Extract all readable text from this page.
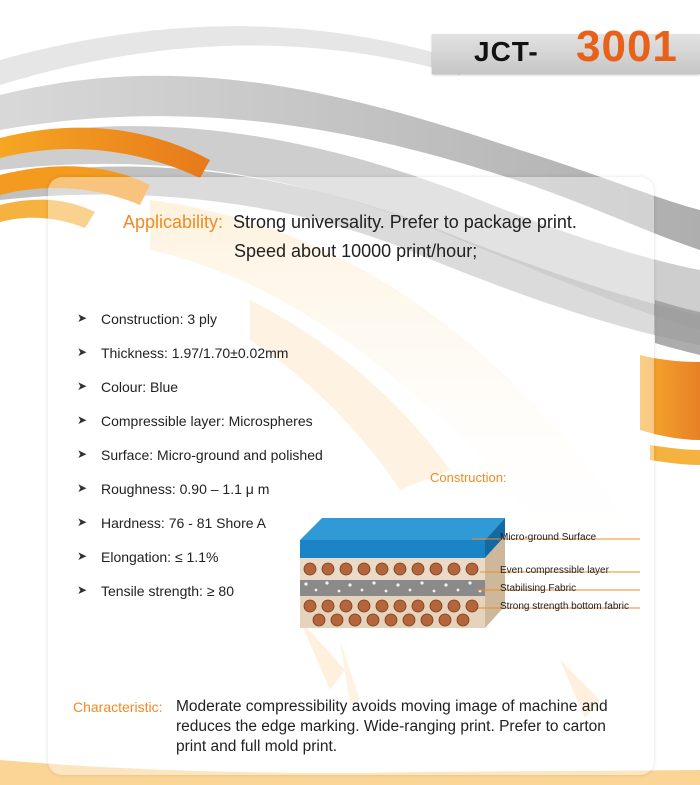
JCT- 3001
Applicability: Strong universality. Prefer to package print.
Speed about 10000 print/hour;
➤ Construction: 3 ply
➤ Thickness: 1.97/1.70±0.02mm
➤ Colour: Blue
➤ Compressible layer: Microspheres
➤ Surface: Micro-ground and polished
➤ Roughness: 0.90 – 1.1 μ m
➤ Hardness: 76 - 81 Shore A
➤ Elongation: ≤ 1.1%
➤ Tensile strength: ≥ 80
Construction:
Micro-ground Surface
Even compressible layer
Stabilising Fabric
Strong strength bottom fabric
Characteristic: Moderate compressibility avoids moving image of machine and reduces the edge marking. Wide-ranging print. Prefer to carton print and full mold print.
